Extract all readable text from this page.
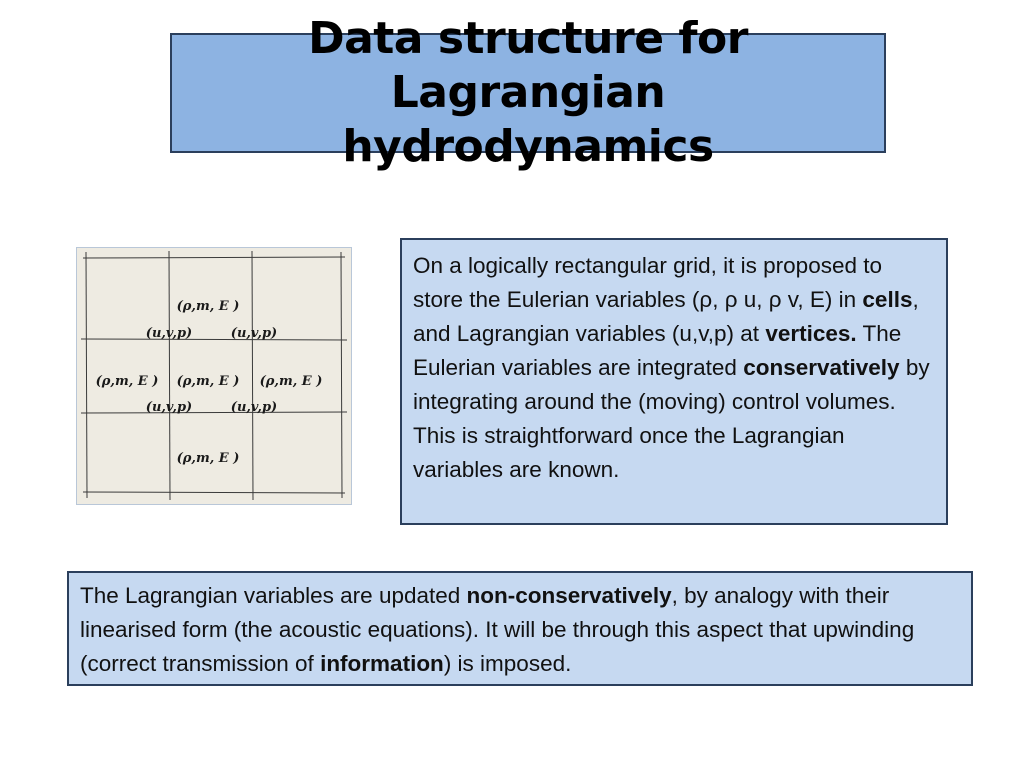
Data structure for Lagrangian
hydrodynamics
(ρ,m, E )
(u,v,p)	(u,v,p)
(ρ,m, E ) (ρ,m, E ) (ρ,m, E )
(u,v,p)	(u,v,p)
(ρ,m, E )
On a logically rectangular grid, it is proposed to store the Eulerian variables (ρ, ρ u, ρ v, E) in cells, and Lagrangian variables (u,v,p) at vertices. The Eulerian variables are integrated conservatively by integrating around the (moving) control volumes. This is straightforward once the Lagrangian variables are known.
The Lagrangian variables are updated non-conservatively, by analogy with their linearised form (the acoustic equations). It will be through this aspect that upwinding (correct transmission of information) is imposed.
